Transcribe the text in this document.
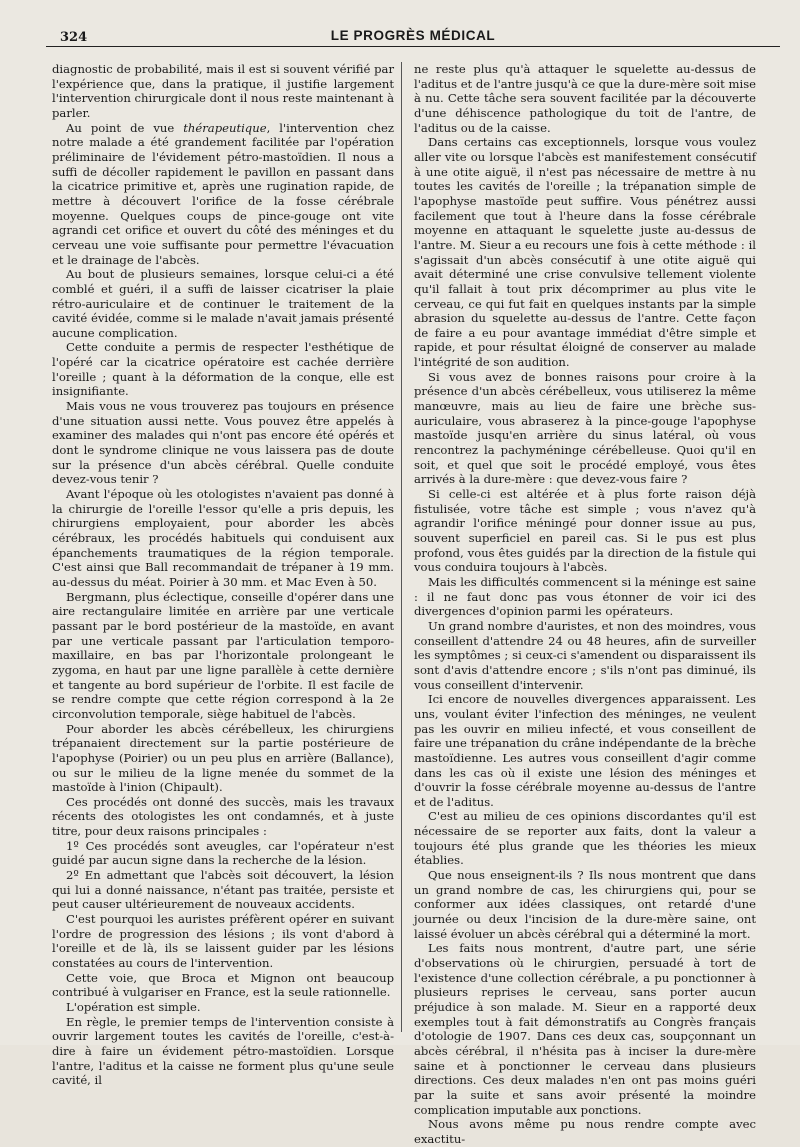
324	LE PROGRÈS MÉDICAL

diagnostic de probabilité, mais il est si souvent vérifié par l'expérience que, dans la pratique, il justifie largement l'intervention chirurgicale dont il nous reste maintenant à parler.

Au point de vue thérapeutique, l'intervention chez notre malade a été grandement facilitée par l'opération préliminaire de l'évidement pétro-mastoïdien. Il nous a suffi de décoller rapidement le pavillon en passant dans la cicatrice primitive et, après une rugination rapide, de mettre à découvert l'orifice de la fosse cérébrale moyenne. Quelques coups de pince-gouge ont vite agrandi cet orifice et ouvert du côté des méninges et du cerveau une voie suffisante pour permettre l'évacuation et le drainage de l'abcès.

Au bout de plusieurs semaines, lorsque celui-ci a été comblé et guéri, il a suffi de laisser cicatriser la plaie rétro-auriculaire et de continuer le traitement de la cavité évidée, comme si le malade n'avait jamais présenté aucune complication.

Cette conduite a permis de respecter l'esthétique de l'opéré car la cicatrice opératoire est cachée derrière l'oreille ; quant à la déformation de la conque, elle est insignifiante.

Mais vous ne vous trouverez pas toujours en présence d'une situation aussi nette. Vous pouvez être appelés à examiner des malades qui n'ont pas encore été opérés et dont le syndrome clinique ne vous laissera pas de doute sur la présence d'un abcès cérébral. Quelle conduite devez-vous tenir ?

Avant l'époque où les otologistes n'avaient pas donné à la chirurgie de l'oreille l'essor qu'elle a pris depuis, les chirurgiens employaient, pour aborder les abcès cérébraux, les procédés habituels qui conduisent aux épanchements traumatiques de la région temporale. C'est ainsi que Ball recommandait de trépaner à 19 mm. au-dessus du méat. Poirier à 30 mm. et Mac Even à 50.

Bergmann, plus éclectique, conseille d'opérer dans une aire rectangulaire limitée en arrière par une verticale passant par le bord postérieur de la mastoïde, en avant par une verticale passant par l'articulation temporo-maxillaire, en bas par l'horizontale prolongeant le zygoma, en haut par une ligne parallèle à cette dernière et tangente au bord supérieur de l'orbite. Il est facile de se rendre compte que cette région correspond à la 2e circonvolution temporale, siège habituel de l'abcès.

Pour aborder les abcès cérébelleux, les chirurgiens trépanaient directement sur la partie postérieure de l'apophyse (Poirier) ou un peu plus en arrière (Ballance), ou sur le milieu de la ligne menée du sommet de la mastoïde à l'inion (Chipault).

Ces procédés ont donné des succès, mais les travaux récents des otologistes les ont condamnés, et à juste titre, pour deux raisons principales :

1º Ces procédés sont aveugles, car l'opérateur n'est guidé par aucun signe dans la recherche de la lésion.

2º En admettant que l'abcès soit découvert, la lésion qui lui a donné naissance, n'étant pas traitée, persiste et peut causer ultérieurement de nouveaux accidents.

C'est pourquoi les auristes préfèrent opérer en suivant l'ordre de progression des lésions ; ils vont d'abord à l'oreille et de là, ils se laissent guider par les lésions constatées au cours de l'intervention.

Cette voie, que Broca et Mignon ont beaucoup contribué à vulgariser en France, est la seule rationnelle.

L'opération est simple.

En règle, le premier temps de l'intervention consiste à ouvrir largement toutes les cavités de l'oreille, c'est-à-dire à faire un évidement pétro-mastoïdien. Lorsque l'antre, l'aditus et la caisse ne forment plus qu'une seule cavité, il

ne reste plus qu'à attaquer le squelette au-dessus de l'aditus et de l'antre jusqu'à ce que la dure-mère soit mise à nu. Cette tâche sera souvent facilitée par la découverte d'une déhiscence pathologique du toit de l'antre, de l'aditus ou de la caisse.

Dans certains cas exceptionnels, lorsque vous voulez aller vite ou lorsque l'abcès est manifestement consécutif à une otite aiguë, il n'est pas nécessaire de mettre à nu toutes les cavités de l'oreille ; la trépanation simple de l'apophyse mastoïde peut suffire. Vous pénétrez aussi facilement que tout à l'heure dans la fosse cérébrale moyenne en attaquant le squelette juste au-dessus de l'antre. M. Sieur a eu recours une fois à cette méthode : il s'agissait d'un abcès consécutif à une otite aiguë qui avait déterminé une crise convulsive tellement violente qu'il fallait à tout prix décomprimer au plus vite le cerveau, ce qui fut fait en quelques instants par la simple abrasion du squelette au-dessus de l'antre. Cette façon de faire a eu pour avantage immédiat d'être simple et rapide, et pour résultat éloigné de conserver au malade l'intégrité de son audition.

Si vous avez de bonnes raisons pour croire à la présence d'un abcès cérébelleux, vous utiliserez la même manœuvre, mais au lieu de faire une brèche sus-auriculaire, vous abraserez à la pince-gouge l'apophyse mastoïde jusqu'en arrière du sinus latéral, où vous rencontrez la pachyméninge cérébelleuse. Quoi qu'il en soit, et quel que soit le procédé employé, vous êtes arrivés à la dure-mère : que devez-vous faire ?

Si celle-ci est altérée et à plus forte raison déjà fistulisée, votre tâche est simple ; vous n'avez qu'à agrandir l'orifice méningé pour donner issue au pus, souvent superficiel en pareil cas. Si le pus est plus profond, vous êtes guidés par la direction de la fistule qui vous conduira toujours à l'abcès.

Mais les difficultés commencent si la méninge est saine : il ne faut donc pas vous étonner de voir ici des divergences d'opinion parmi les opérateurs.

Un grand nombre d'auristes, et non des moindres, vous conseillent d'attendre 24 ou 48 heures, afin de surveiller les symptômes ; si ceux-ci s'amendent ou disparaissent ils sont d'avis d'attendre encore ; s'ils n'ont pas diminué, ils vous conseillent d'intervenir.

Ici encore de nouvelles divergences apparaissent. Les uns, voulant éviter l'infection des méninges, ne veulent pas les ouvrir en milieu infecté, et vous conseillent de faire une trépanation du crâne indépendante de la brèche mastoïdienne. Les autres vous conseillent d'agir comme dans les cas où il existe une lésion des méninges et d'ouvrir la fosse cérébrale moyenne au-dessus de l'antre et de l'aditus.

C'est au milieu de ces opinions discordantes qu'il est nécessaire de se reporter aux faits, dont la valeur a toujours été plus grande que les théories les mieux établies.

Que nous enseignent-ils ? Ils nous montrent que dans un grand nombre de cas, les chirurgiens qui, pour se conformer aux idées classiques, ont retardé d'une journée ou deux l'incision de la dure-mère saine, ont laissé évoluer un abcès cérébral qui a déterminé la mort.

Les faits nous montrent, d'autre part, une série d'observations où le chirurgien, persuadé à tort de l'existence d'une collection cérébrale, a pu ponctionner à plusieurs reprises le cerveau, sans porter aucun préjudice à son malade. M. Sieur en a rapporté deux exemples tout à fait démonstratifs au Congrès français d'otologie de 1907. Dans ces deux cas, soupçonnant un abcès cérébral, il n'hésita pas à inciser la dure-mère saine et à ponctionner le cerveau dans plusieurs directions. Ces deux malades n'en ont pas moins guéri par la suite et sans avoir présenté la moindre complication imputable aux ponctions.

Nous avons même pu nous rendre compte avec exactitu-
